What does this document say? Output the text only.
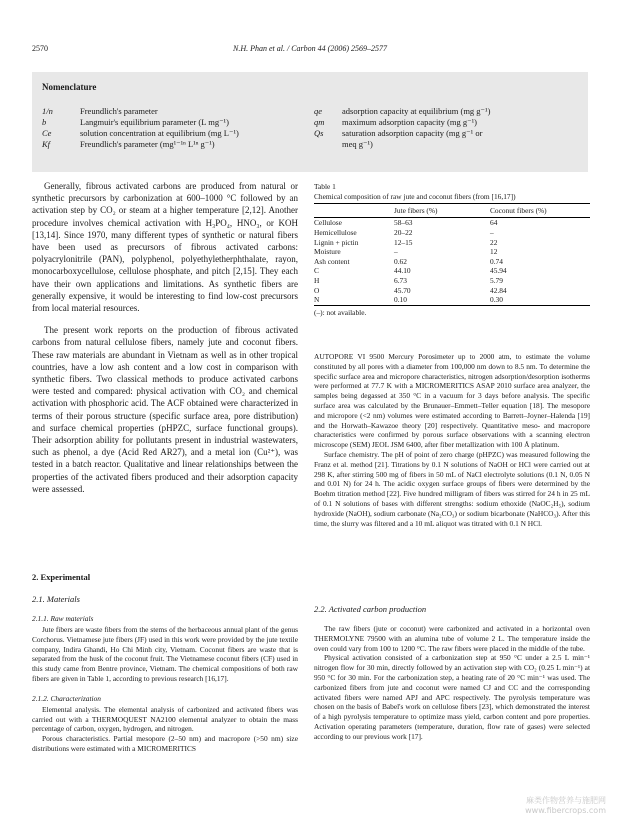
2570	N.H. Phan et al. / Carbon 44 (2006) 2569–2577
Nomenclature
1/n	Freundlich's parameter
b	Langmuir's equilibrium parameter (L mg⁻¹)
Ce	solution concentration at equilibrium (mg L⁻¹)
Kf	Freundlich's parameter (mg¹⁻¹ⁿ L¹ⁿ g⁻¹)
qe adsorption capacity at equilibrium (mg g⁻¹)
qm maximum adsorption capacity (mg g⁻¹)
Qs saturation adsorption capacity (mg g⁻¹ or
meq g⁻¹)

Generally, fibrous activated carbons are produced from natural or synthetic precursors by carbonization at 600–1000 °C followed by an activation step by CO₂ or steam at a higher temperature [2,12]. Another procedure involves chemical activation with H₃PO₄, HNO₃, or KOH [13,14]. Since 1970, many different types of synthetic or natural fibers have been used as precursors of fibrous activated carbons: polyacrylonitrile (PAN), polyphenol, polyethyletherphthalate, rayon, monocarboxycellulose, cellulose phosphate, and pitch [2,15]. They each have their own applications and limitations. As synthetic fibers are generally expensive, it would be interesting to find low-cost precursors from local material resources.

The present work reports on the production of fibrous activated carbons from natural cellulose fibers, namely jute and coconut fibers. These raw materials are abundant in Vietnam as well as in other tropical countries, have a low ash content and a low cost in comparison with synthetic fibers. Two classical methods to produce activated carbons were tested and compared: physical activation with CO₂ and chemical activation with phosphoric acid. The ACF obtained were characterized in terms of their porous structure (specific surface area, pore distribution) and surface chemical properties (pHPZC, surface functional groups). Their adsorption ability for pollutants present in industrial wastewaters, such as phenol, a dye (Acid Red AR27), and a metal ion (Cu²⁺), was tested in a batch reactor. Qualitative and linear relationships between the properties of the activated fibers produced and their adsorption capacity were assessed.

2. Experimental
2.1. Materials
2.1.1. Raw materials

Jute fibers are waste fibers from the stems of the herbaceous annual plant of the genus Corchorus. Vietnamese jute fibers (JF) used in this work were provided by the jute textile company, Indira Ghandi, Ho Chi Minh city, Vietnam. Coconut fibers are waste that is separated from the husk of the coconut fruit. The Vietnamese coconut fibers (CF) used in this study came from Bentre province, Vietnam. The chemical compositions of both raw fibers are given in Table 1, according to previous research [16,17].

2.1.2. Characterization

Elemental analysis. The elemental analysis of carbonized and activated fibers was carried out with a THERMOQUEST NA2100 elemental analyzer to obtain the mass percentage of carbon, oxygen, hydrogen, and nitrogen.

Porous characteristics. Partial mesopore (2–50 nm) and macropore (>50 nm) size distributions were estimated with a MICROMERITICS

Table 1
Chemical composition of raw jute and coconut fibers (from [16,17])
	Jute fibers (%)	Coconut fibers (%)
Cellulose	58–63	64
Hemicellulose	20–22	–
Lignin + pictin	12–15	22
Moisture	–	12
Ash content	0.62	0.74
C	44.10	45.94
H	6.73	5.79
O	45.70	42.84
N	0.10	0.30
(–): not available.

AUTOPORE VI 9500 Mercury Porosimeter up to 2000 atm, to estimate the volume constituted by all pores with a diameter from 100,000 nm down to 8.5 nm. To determine the specific surface area and micropore characteristics, nitrogen adsorption/desorption isotherms were performed at 77.7 K with a MICROMERITICS ASAP 2010 surface area analyzer, the samples being degassed at 350 °C in a vacuum for 3 days before analysis. The specific surface area was calculated by the Brunauer–Emmett–Teller equation [18]. The mesopore and micropore (<2 nm) volumes were estimated according to Barrett–Joyner–Halenda [19] and the Horwath–Kawazoe theory [20] respectively. Quantitative meso- and macropore characteristics were confirmed by porous surface observations with a scanning electron microscope (SEM) JEOL JSM 6400, after fiber metallization with 100 Å platinum.

Surface chemistry. The pH of point of zero charge (pHPZC) was measured following the Franz et al. method [21]. Titrations by 0.1 N solutions of NaOH or HCl were carried out at 298 K, after stirring 500 mg of fibers in 50 mL of NaCl electrolyte solutions (0.1 N, 0.05 N and 0.01 N) for 24 h. The acidic oxygen surface groups of fibers were determined by the Boehm titration method [22]. Five hundred milligram of fibers was stirred for 24 h in 25 mL of 0.1 N solutions of bases with different strengths: sodium ethoxide (NaOC₂H₅), sodium hydroxide (NaOH), sodium carbonate (Na₂CO₃) or sodium bicarbonate (NaHCO₃). After this time, the slurry was filtered and a 10 mL aliquot was titrated with 0.1 N HCl.

2.2. Activated carbon production

The raw fibers (jute or coconut) were carbonized and activated in a horizontal oven THERMOLYNE 79500 with an alumina tube of volume 2 L. The temperature inside the oven could vary from 100 to 1200 °C. The raw fibers were placed in the middle of the tube.

Physical activation consisted of a carbonization step at 950 °C under a 2.5 L min⁻¹ nitrogen flow for 30 min, directly followed by an activation step with CO₂ (0.25 L min⁻¹) at 950 °C for 30 min. For the carbonization step, a heating rate of 20 °C min⁻¹ was used. The carbonized fibers from jute and coconut were named CJ and CC and the corresponding activated fibers were named APJ and APC respectively. The pyrolysis temperature was chosen on the basis of Babel's work on cellulose fibers [23], which demonstrated the interest of a high pyrolysis temperature to optimize mass yield, carbon content and pore properties. Activation operating parameters (temperature, duration, flow rate of gases) were selected according to our previous work [17].

麻类作物营养与施肥网
www.fibercrops.com
